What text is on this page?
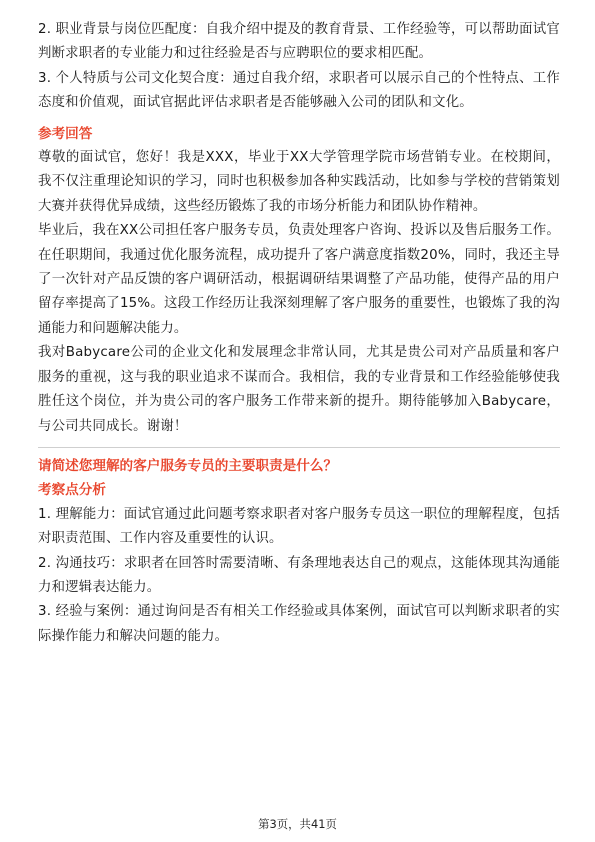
2. 职业背景与岗位匹配度：自我介绍中提及的教育背景、工作经验等，可以帮助面试官判断求职者的专业能力和过往经验是否与应聘职位的要求相匹配。

3. 个人特质与公司文化契合度：通过自我介绍，求职者可以展示自己的个性特点、工作态度和价值观，面试官据此评估求职者是否能够融入公司的团队和文化。

参考回答

尊敬的面试官，您好！我是XXX，毕业于XX大学管理学院市场营销专业。在校期间，我不仅注重理论知识的学习，同时也积极参加各种实践活动，比如参与学校的营销策划大赛并获得优异成绩，这些经历锻炼了我的市场分析能力和团队协作精神。

毕业后，我在XX公司担任客户服务专员，负责处理客户咨询、投诉以及售后服务工作。在任职期间，我通过优化服务流程，成功提升了客户满意度指数20%，同时，我还主导了一次针对产品反馈的客户调研活动，根据调研结果调整了产品功能，使得产品的用户留存率提高了15%。这段工作经历让我深刻理解了客户服务的重要性，也锻炼了我的沟通能力和问题解决能力。

我对Babycare公司的企业文化和发展理念非常认同，尤其是贵公司对产品质量和客户服务的重视，这与我的职业追求不谋而合。我相信，我的专业背景和工作经验能够使我胜任这个岗位，并为贵公司的客户服务工作带来新的提升。期待能够加入Babycare，与公司共同成长。谢谢！

请简述您理解的客户服务专员的主要职责是什么？

考察点分析

1. 理解能力：面试官通过此问题考察求职者对客户服务专员这一职位的理解程度，包括对职责范围、工作内容及重要性的认识。

2. 沟通技巧：求职者在回答时需要清晰、有条理地表达自己的观点，这能体现其沟通能力和逻辑表达能力。

3. 经验与案例：通过询问是否有相关工作经验或具体案例，面试官可以判断求职者的实际操作能力和解决问题的能力。

第3页，共41页
